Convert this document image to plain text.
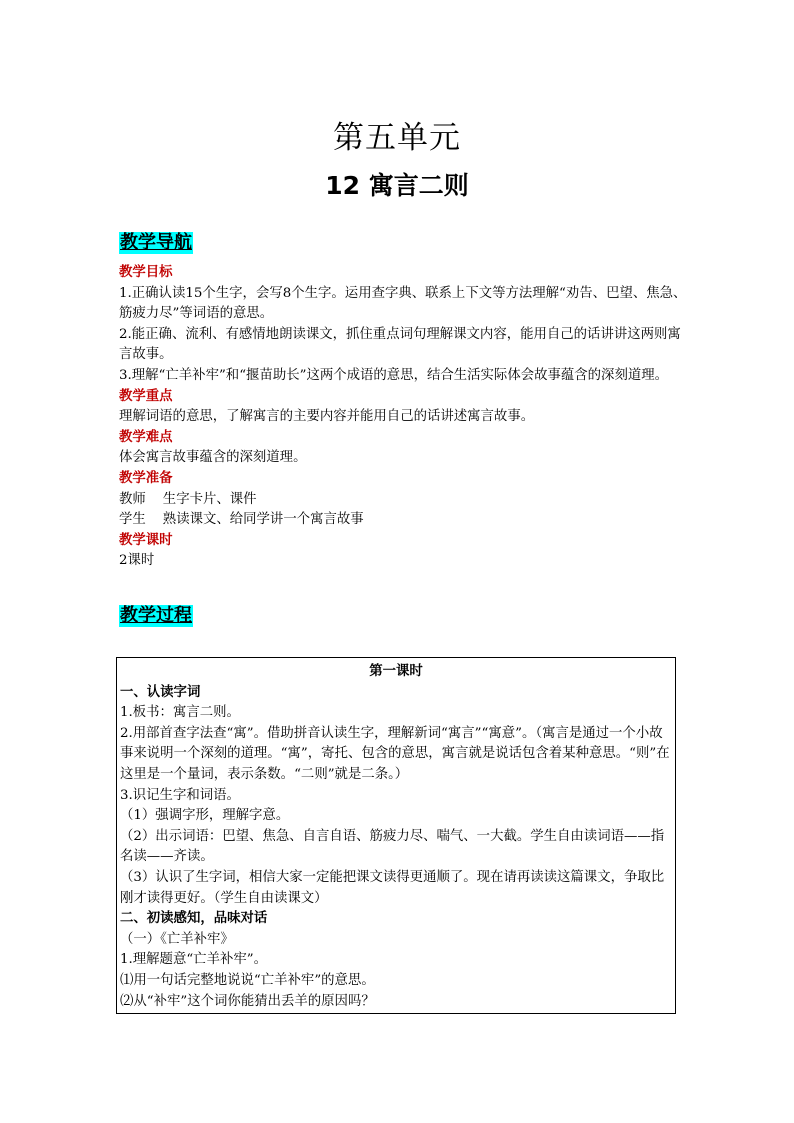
第五单元
12 寓言二则
教学导航

教学目标

1.正确认读15个生字，会写8个生字。运用查字典、联系上下文等方法理解“劝告、巴望、焦急、筋疲力尽”等词语的意思。

2.能正确、流利、有感情地朗读课文，抓住重点词句理解课文内容，能用自己的话讲讲这两则寓言故事。

3.理解“亡羊补牢”和“揠苗助长”这两个成语的意思，结合生活实际体会故事蕴含的深刻道理。

教学重点

理解词语的意思，了解寓言的主要内容并能用自己的话讲述寓言故事。

教学难点

体会寓言故事蕴含的深刻道理。

教学准备

教师    生字卡片、课件

学生    熟读课文、给同学讲一个寓言故事

教学课时

2课时

教学过程

第一课时

一、认读字词

1.板书：寓言二则。

2.用部首查字法查“寓”。借助拼音认读生字，理解新词“寓言”“寓意”。（寓言是通过一个小故事来说明一个深刻的道理。“寓”，寄托、包含的意思，寓言就是说话包含着某种意思。“则”在这里是一个量词，表示条数。“二则”就是二条。）

3.识记生字和词语。

（1）强调字形，理解字意。

（2）出示词语：巴望、焦急、自言自语、筋疲力尽、喘气、一大截。学生自由读词语——指名读——齐读。

（3）认识了生字词，相信大家一定能把课文读得更通顺了。现在请再读读这篇课文，争取比刚才读得更好。（学生自由读课文）

二、初读感知，品味对话

（一）《亡羊补牢》

1.理解题意“亡羊补牢”。

⑴用一句话完整地说说“亡羊补牢”的意思。

⑵从“补牢”这个词你能猜出丢羊的原因吗？
